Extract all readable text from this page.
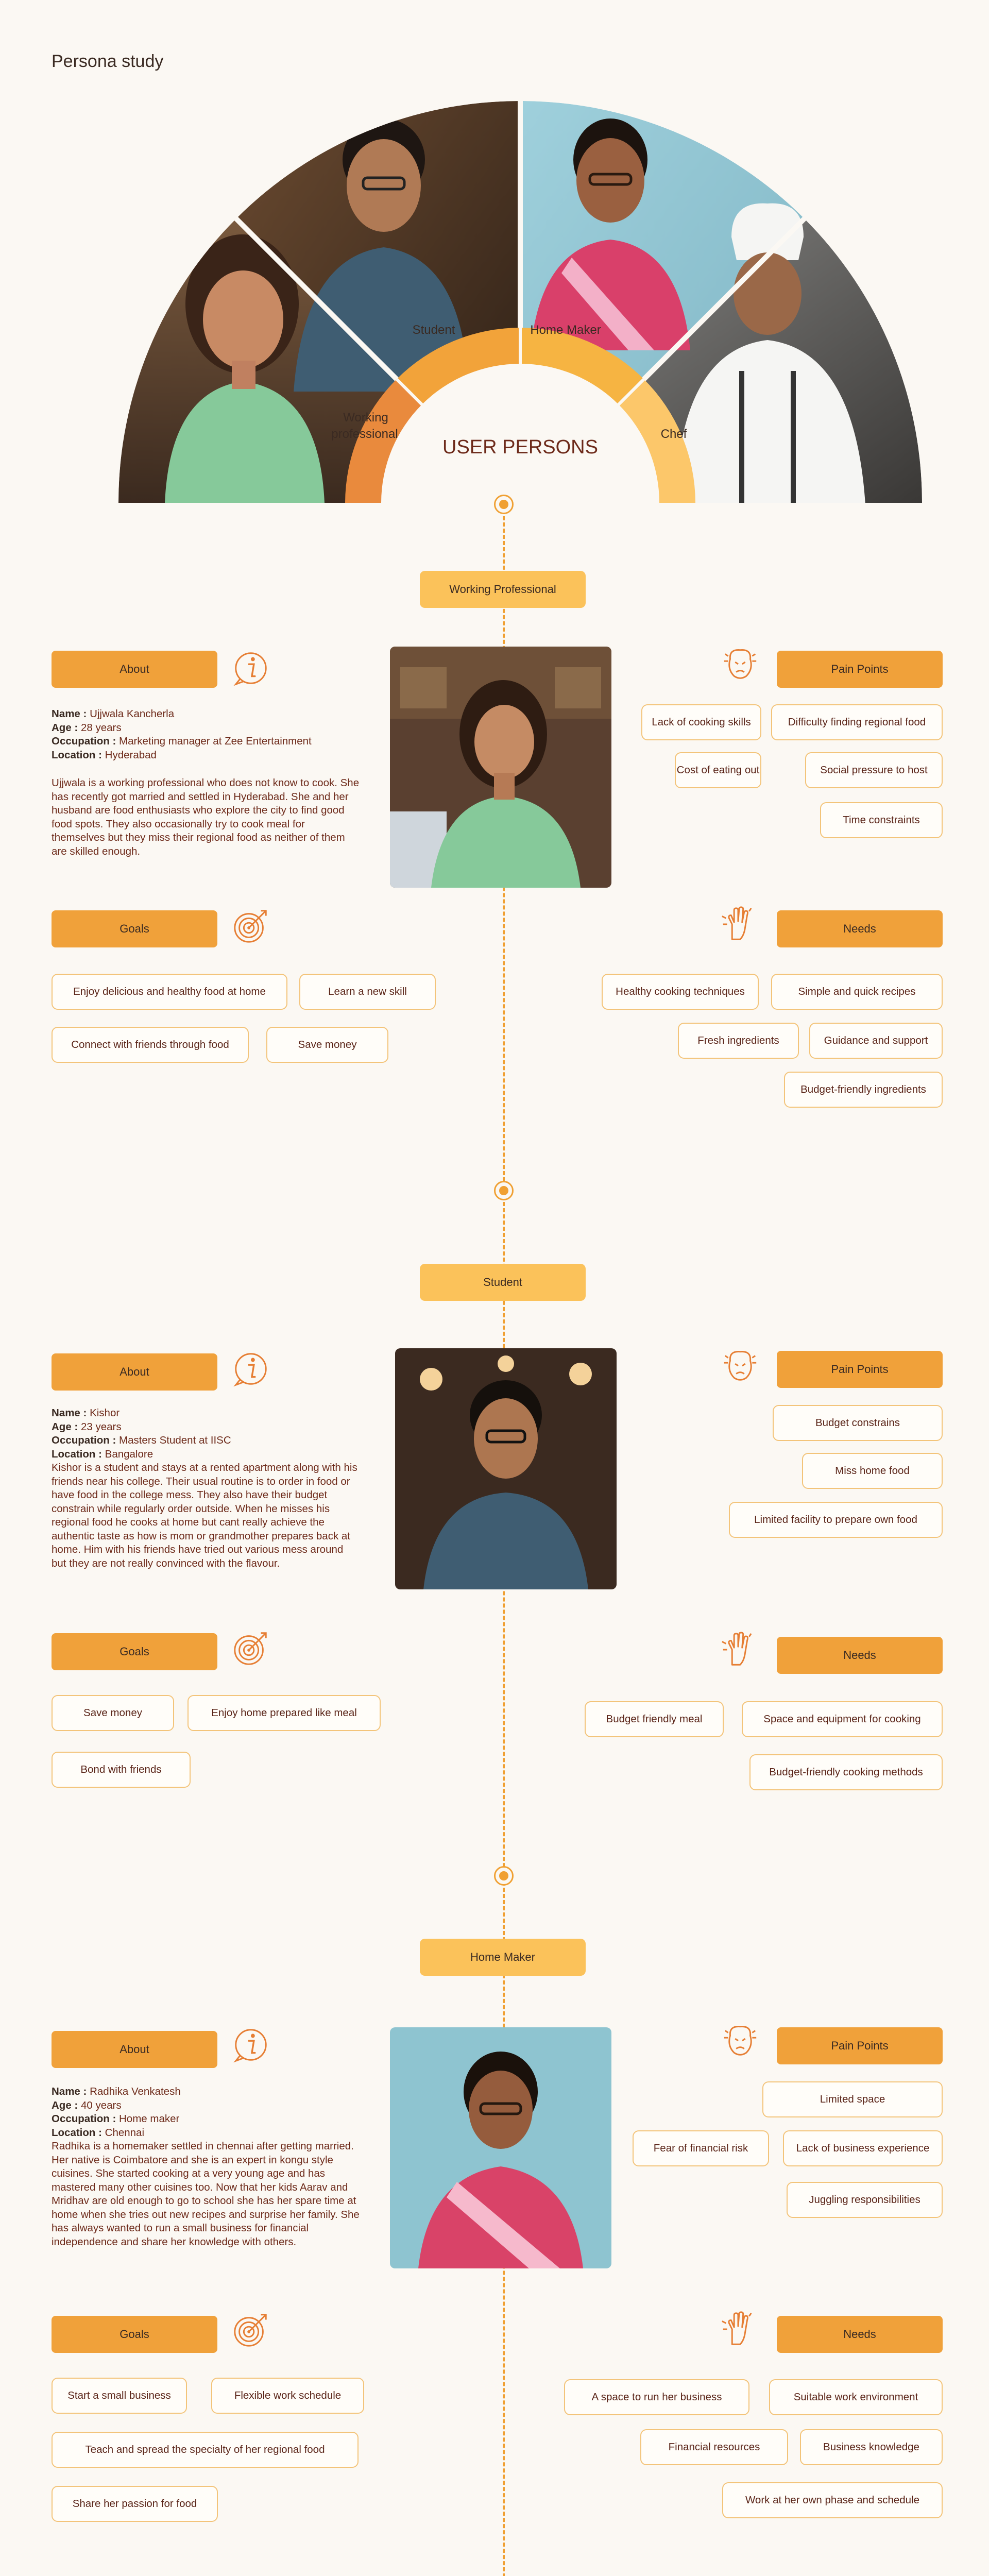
Persona study
Working
professional
Student	Home Maker
Chef
USER PERSONS
Working Professional
About
Name : Ujjwala Kancherla
Age : 28 years
Occupation : Marketing manager at Zee Entertainment
Location : Hyderabad
Ujjwala is a working professional who does not know to cook. She has recently got married and settled in Hyderabad. She and her husband are food enthusiasts who explore the city to find good food spots. They also occasionally try to cook meal for themselves but they miss their regional food as neither of them are skilled enough.
Pain Points
Lack of cooking skills	Difficulty finding regional food
Cost of eating out	Social pressure to host
Time constraints
Goals
Enjoy delicious and healthy food at home	Learn a new skill
Connect with friends through food	Save money
Needs
Healthy cooking techniques	Simple and quick recipes
Fresh ingredients	Guidance and support
Budget-friendly ingredients
Student
About
Name : Kishor
Age : 23 years
Occupation : Masters Student at IISC
Location : Bangalore
Kishor is a student and stays at a rented apartment along with his friends near his college. Their usual routine is to order in food or have food in the college mess. They also have their budget constrain while regularly order outside. When he misses his regional food he cooks at home but cant really achieve the authentic taste as how is mom or grandmother prepares back at home. Him with his friends have tried out various mess around but they are not really convinced with the flavour.
Pain Points
Budget constrains
Miss home food
Limited facility to prepare own food
Goals
Save money	Enjoy home prepared like meal
Bond with friends
Needs
Budget friendly meal	Space and equipment for cooking
Budget-friendly cooking methods
Home Maker
About
Name : Radhika Venkatesh
Age : 40 years
Occupation : Home maker
Location : Chennai
Radhika is a homemaker settled in chennai after getting married. Her native is Coimbatore and she is an expert in kongu style cuisines. She started cooking at a very young age and has mastered many other cuisines too. Now that her kids Aarav and Mridhav are old enough to go to school she has her spare time at home when she tries out new recipes and surprise her family. She has always wanted to run a small business for financial independence and share her knowledge with others.
Pain Points
Limited space
Fear of financial risk	Lack of business experience
Juggling responsibilities
Goals
Start a small business	Flexible work schedule
Teach and spread the specialty of her regional food
Share her passion for food
Needs
A space to run her business	Suitable work environment
Financial resources	Business knowledge
Work at her own phase and schedule
